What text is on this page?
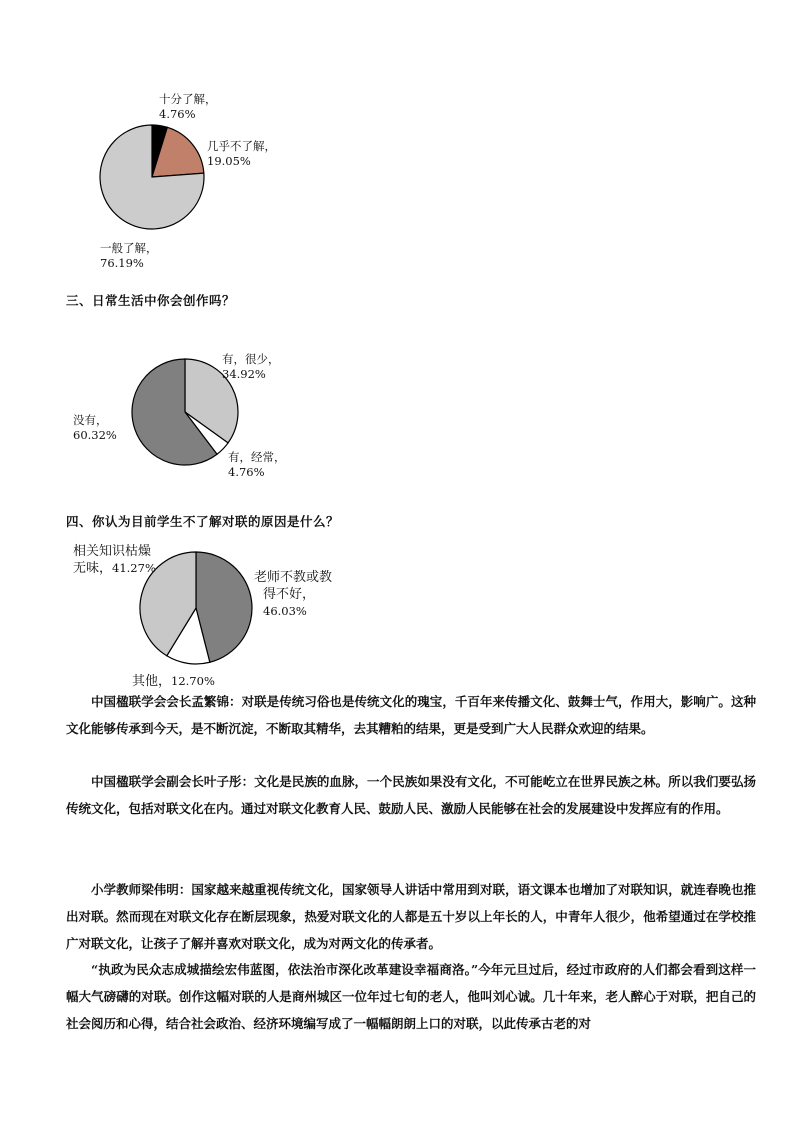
十分了解，
4.76%
几乎不了解，
19.05%
一般了解，
76.19%
三、日常生活中你会创作吗？
有，很少，
34.92%
有，经常，
4.76%
没有，
60.32%
四、你认为目前学生不了解对联的原因是什么？
老师不教或教
得不好，
46.03%
其他，12.70%
相关知识枯燥
无味，41.27%

中国楹联学会会长孟繁锦：对联是传统习俗也是传统文化的瑰宝，千百年来传播文化、鼓舞士气，作用大，影响广。这种文化能够传承到今天，是不断沉淀，不断取其精华，去其糟粕的结果，更是受到广大人民群众欢迎的结果。

中国楹联学会副会长叶子彤：文化是民族的血脉，一个民族如果没有文化，不可能屹立在世界民族之林。所以我们要弘扬传统文化，包括对联文化在内。通过对联文化教育人民、鼓励人民、激励人民能够在社会的发展建设中发挥应有的作用。

小学教师梁伟明：国家越来越重视传统文化，国家领导人讲话中常用到对联，语文课本也增加了对联知识，就连春晚也推出对联。然而现在对联文化存在断层现象，热爱对联文化的人都是五十岁以上年长的人，中青年人很少，他希望通过在学校推广对联文化，让孩子了解并喜欢对联文化，成为对两文化的传承者。

“执政为民众志成城描绘宏伟蓝图，依法治市深化改革建设幸福商洛。”今年元旦过后，经过市政府的人们都会看到这样一幅大气磅礴的对联。创作这幅对联的人是商州城区一位年过七旬的老人，他叫刘心诚。几十年来，老人醉心于对联，把自己的社会阅历和心得，结合社会政治、经济环境编写成了一幅幅朗朗上口的对联，以此传承古老的对
